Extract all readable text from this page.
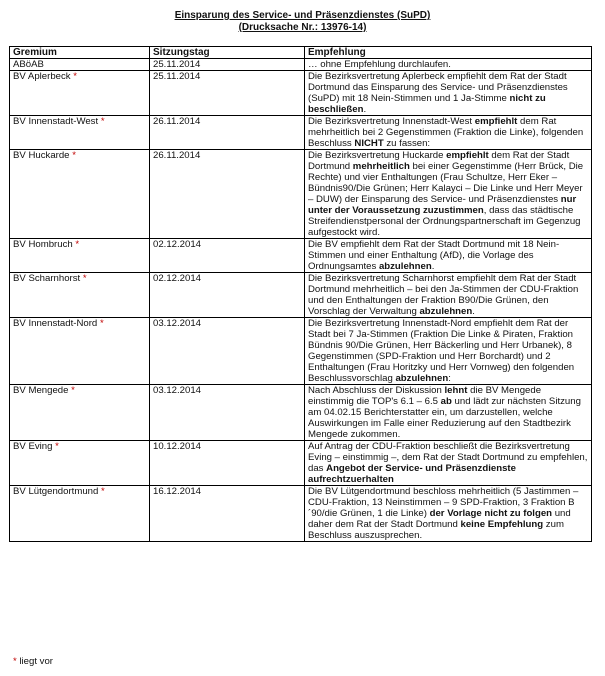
Einsparung des Service- und Präsenzdienstes (SuPD)
(Drucksache Nr.: 13976-14)
Gremium	Sitzungstag	Empfehlung
ABöAB	25.11.2014	… ohne Empfehlung durchlaufen.
BV Aplerbeck *	25.11.2014	Die Bezirksvertretung Aplerbeck empfiehlt dem Rat der Stadt Dortmund das Einsparung des Service- und Präsenzdienstes (SuPD) mit 18 Nein-Stimmen und 1 Ja-Stimme nicht zu beschließen.
BV Innenstadt-West *	26.11.2014	Die Bezirksvertretung Innenstadt-West empfiehlt dem Rat mehrheitlich bei 2 Gegenstimmen (Fraktion die Linke), folgenden Beschluss NICHT zu fassen:
BV Huckarde *	26.11.2014	Die Bezirksvertretung Huckarde empfiehlt dem Rat der Stadt Dortmund mehrheitlich bei einer Gegenstimme (Herr Brück, Die Rechte) und vier Enthaltungen (Frau Schultze, Herr Eker – Bündnis90/Die Grünen; Herr Kalayci – Die Linke und Herr Meyer – DUW) der Einsparung des Service- und Präsenzdienstes nur unter der Voraussetzung zuzustimmen, dass das städtische Streifendienstpersonal der Ordnungspartnerschaft im Gegenzug aufgestockt wird.
BV Hombruch *	02.12.2014	Die BV empfiehlt dem Rat der Stadt Dortmund mit 18 Nein-Stimmen und einer Enthaltung (AfD), die Vorlage des Ordnungsamtes abzulehnen.
BV Scharnhorst *	02.12.2014	Die Bezirksvertretung Scharnhorst empfiehlt dem Rat der Stadt Dortmund mehrheitlich – bei den Ja-Stimmen der CDU-Fraktion und den Enthaltungen der Fraktion B90/Die Grünen, den Vorschlag der Verwaltung abzulehnen.
BV Innenstadt-Nord *	03.12.2014	Die Bezirksvertretung Innenstadt-Nord empfiehlt dem Rat der Stadt bei 7 Ja-Stimmen (Fraktion Die Linke & Piraten, Fraktion Bündnis 90/Die Grünen, Herr Bäckerling und Herr Urbanek), 8 Gegenstimmen (SPD-Fraktion und Herr Borchardt) und 2 Enthaltungen (Frau Horitzky und Herr Vornweg) den folgenden Beschlussvorschlag abzulehnen:
BV Mengede *	03.12.2014	Nach Abschluss der Diskussion lehnt die BV Mengede einstimmig die TOP's 6.1 – 6.5 ab und lädt zur nächsten Sitzung am 04.02.15 Berichterstatter ein, um darzustellen, welche Auswirkungen im Falle einer Reduzierung auf den Stadtbezirk Mengede zukommen.
BV Eving *	10.12.2014	Auf Antrag der CDU-Fraktion beschließt die Bezirksvertretung Eving – einstimmig –, dem Rat der Stadt Dortmund zu empfehlen, das Angebot der Service- und Präsenzdienste aufrechtzuerhalten
BV Lütgendortmund *	16.12.2014	Die BV Lütgendortmund beschloss mehrheitlich (5 Jastimmen – CDU-Fraktion, 13 Neinstimmen – 9 SPD-Fraktion, 3 Fraktion B´90/die Grünen, 1 die Linke) der Vorlage nicht zu folgen und daher dem Rat der Stadt Dortmund keine Empfehlung zum Beschluss auszusprechen.
* liegt vor
